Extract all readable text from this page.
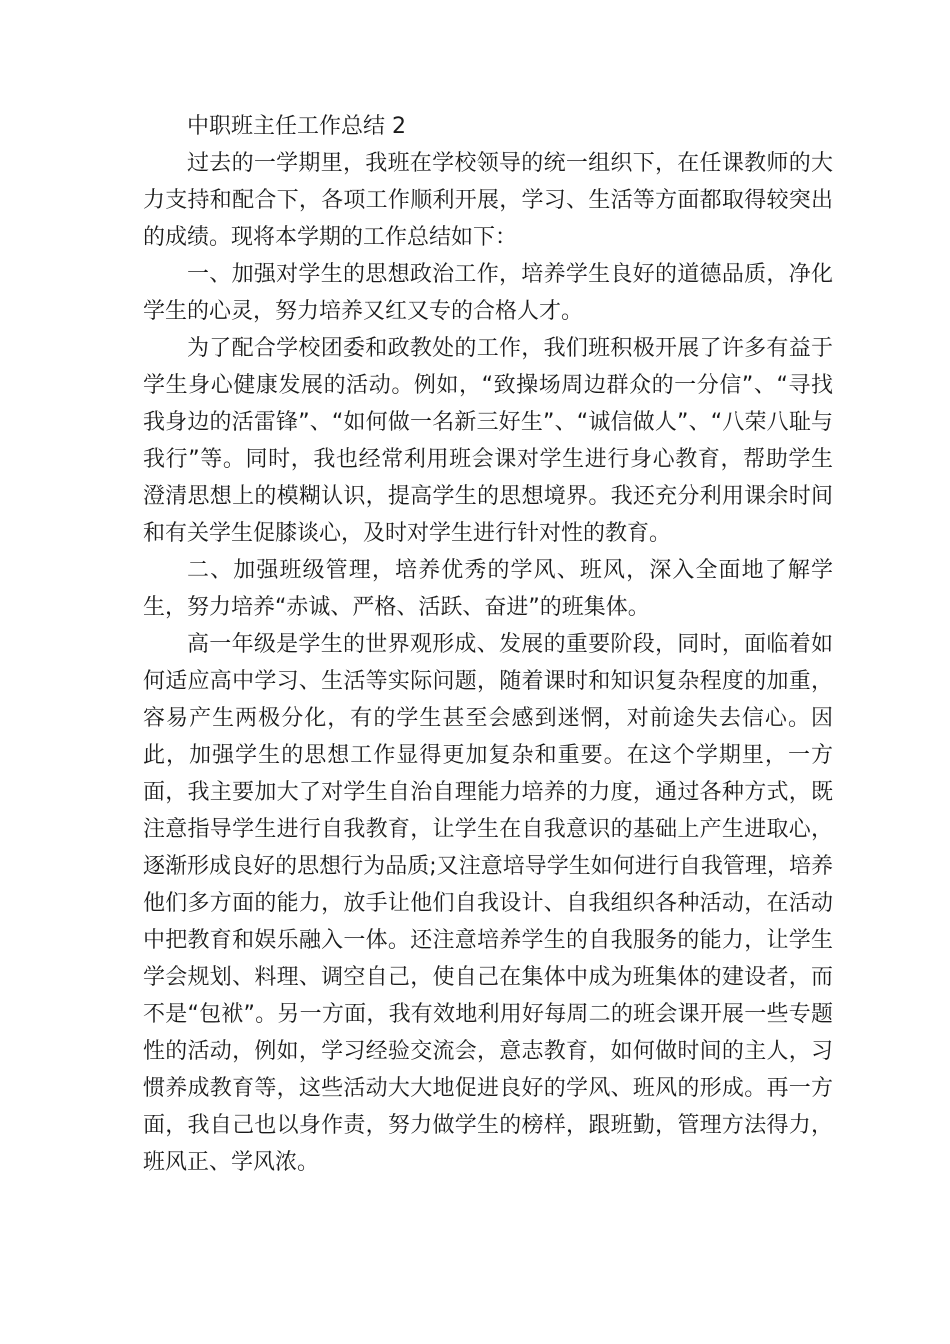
中职班主任工作总结 2

过去的一学期里，我班在学校领导的统一组织下，在任课教师的大力支持和配合下，各项工作顺利开展，学习、生活等方面都取得较突出的成绩。现将本学期的工作总结如下：

一、加强对学生的思想政治工作，培养学生良好的道德品质，净化学生的心灵，努力培养又红又专的合格人才。

为了配合学校团委和政教处的工作，我们班积极开展了许多有益于学生身心健康发展的活动。例如，“致操场周边群众的一分信”、“寻找我身边的活雷锋”、“如何做一名新三好生”、“诚信做人”、“八荣八耻与我行”等。同时，我也经常利用班会课对学生进行身心教育，帮助学生澄清思想上的模糊认识，提高学生的思想境界。我还充分利用课余时间和有关学生促膝谈心，及时对学生进行针对性的教育。

二、加强班级管理，培养优秀的学风、班风，深入全面地了解学生，努力培养“赤诚、严格、活跃、奋进”的班集体。

高一年级是学生的世界观形成、发展的重要阶段，同时，面临着如何适应高中学习、生活等实际问题，随着课时和知识复杂程度的加重，容易产生两极分化，有的学生甚至会感到迷惘，对前途失去信心。因此，加强学生的思想工作显得更加复杂和重要。在这个学期里，一方面，我主要加大了对学生自治自理能力培养的力度，通过各种方式，既注意指导学生进行自我教育，让学生在自我意识的基础上产生进取心，逐渐形成良好的思想行为品质;又注意培导学生如何进行自我管理，培养他们多方面的能力，放手让他们自我设计、自我组织各种活动，在活动中把教育和娱乐融入一体。还注意培养学生的自我服务的能力，让学生学会规划、料理、调空自己，使自己在集体中成为班集体的建设者，而不是“包袱”。另一方面，我有效地利用好每周二的班会课开展一些专题性的活动，例如，学习经验交流会，意志教育，如何做时间的主人，习惯养成教育等，这些活动大大地促进良好的学风、班风的形成。再一方面，我自己也以身作责，努力做学生的榜样，跟班勤，管理方法得力，班风正、学风浓。
